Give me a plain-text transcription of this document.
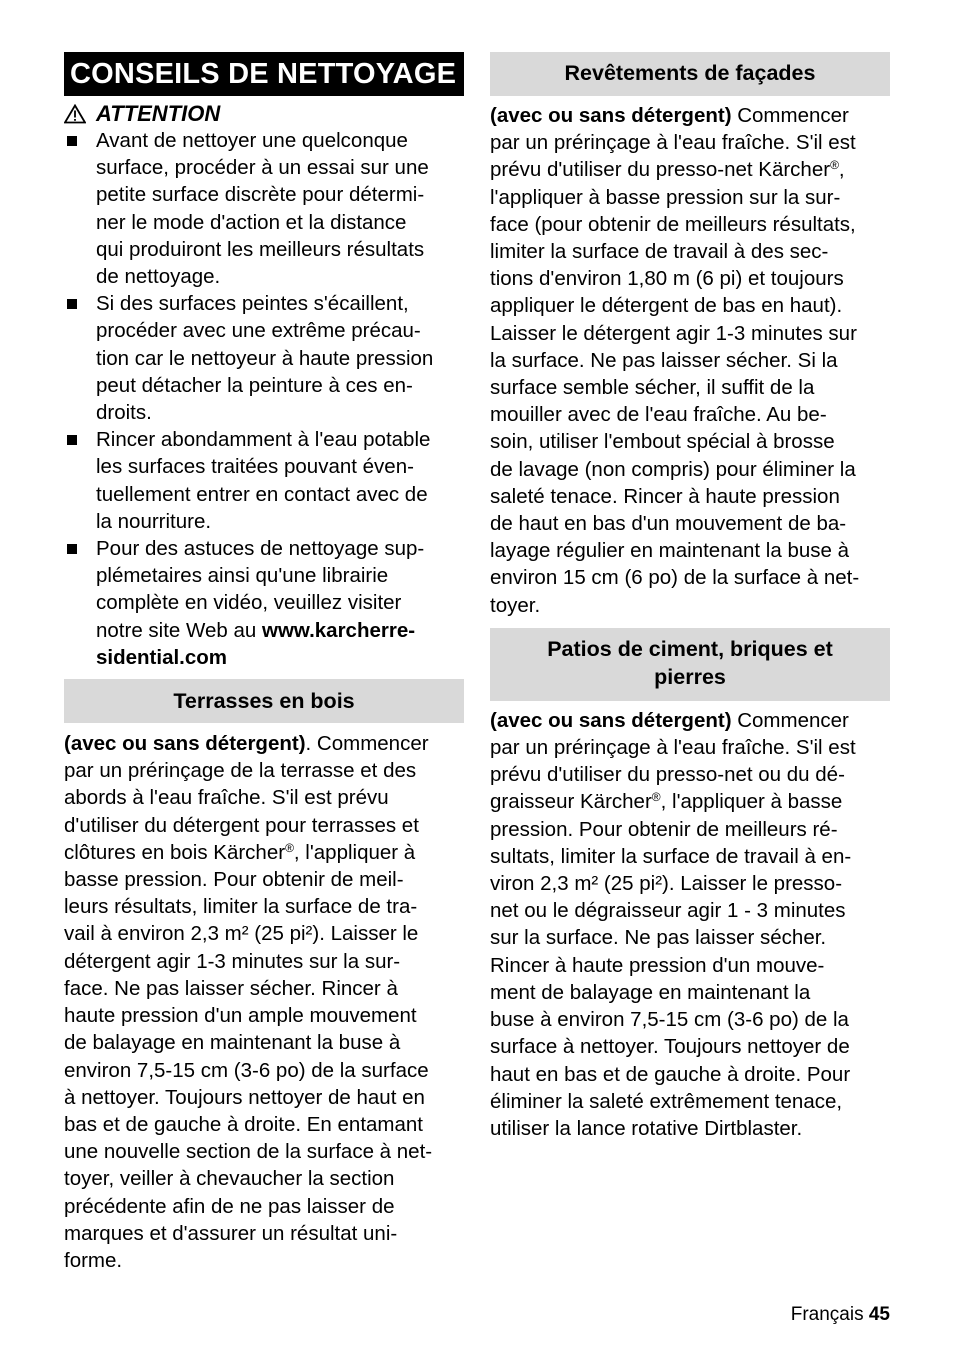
CONSEILS DE NETTOYAGE
ATTENTION
Avant de nettoyer une quelconque
surface, procéder à un essai sur une
petite surface discrète pour détermi-
ner le mode d'action et la distance
qui produiront les meilleurs résultats
de nettoyage.
Si des surfaces peintes s'écaillent,
procéder avec une extrême précau-
tion car le nettoyeur à haute pression
peut détacher la peinture à ces en-
droits.
Rincer abondamment à l'eau potable
les surfaces traitées pouvant éven-
tuellement entrer en contact avec de
la nourriture.
Pour des astuces de nettoyage sup-
plémetaires ainsi qu'une librairie
complète en vidéo, veuillez visiter
notre site Web au www.karcherre-
sidential.com
Terrasses en bois

(avec ou sans détergent). Commencer
par un prérinçage de la terrasse et des
abords à l'eau fraîche. S'il est prévu
d'utiliser du détergent pour terrasses et
clôtures en bois Kärcher®, l'appliquer à
basse pression. Pour obtenir de meil-
leurs résultats, limiter la surface de tra-
vail à environ 2,3 m² (25 pi²). Laisser le
détergent agir 1-3 minutes sur la sur-
face. Ne pas laisser sécher. Rincer à
haute pression d'un ample mouvement
de balayage en maintenant la buse à
environ 7,5-15 cm (3-6 po) de la surface
à nettoyer. Toujours nettoyer de haut en
bas et de gauche à droite. En entamant
une nouvelle section de la surface à net-
toyer, veiller à chevaucher la section
précédente afin de ne pas laisser de
marques et d'assurer un résultat uni-
forme.

Revêtements de façades

(avec ou sans détergent) Commencer
par un prérinçage à l'eau fraîche. S'il est
prévu d'utiliser du presso-net Kärcher®,
l'appliquer à basse pression sur la sur-
face (pour obtenir de meilleurs résultats,
limiter la surface de travail à des sec-
tions d'environ 1,80 m (6 pi) et toujours
appliquer le détergent de bas en haut).
Laisser le détergent agir 1-3 minutes sur
la surface. Ne pas laisser sécher. Si la
surface semble sécher, il suffit de la
mouiller avec de l'eau fraîche. Au be-
soin, utiliser l'embout spécial à brosse
de lavage (non compris) pour éliminer la
saleté tenace. Rincer à haute pression
de haut en bas d'un mouvement de ba-
layage régulier en maintenant la buse à
environ 15 cm (6 po) de la surface à net-
toyer.

Patios de ciment, briques et
pierres

(avec ou sans détergent) Commencer
par un prérinçage à l'eau fraîche. S'il est
prévu d'utiliser du presso-net ou du dé-
graisseur Kärcher®, l'appliquer à basse
pression. Pour obtenir de meilleurs ré-
sultats, limiter la surface de travail à en-
viron 2,3 m² (25 pi²). Laisser le presso-
net ou le dégraisseur agir 1 - 3 minutes
sur la surface. Ne pas laisser sécher.
Rincer à haute pression d'un mouve-
ment de balayage en maintenant la
buse à environ 7,5-15 cm (3-6 po) de la
surface à nettoyer. Toujours nettoyer de
haut en bas et de gauche à droite. Pour
éliminer la saleté extrêmement tenace,
utiliser la lance rotative Dirtblaster.

Français 45
